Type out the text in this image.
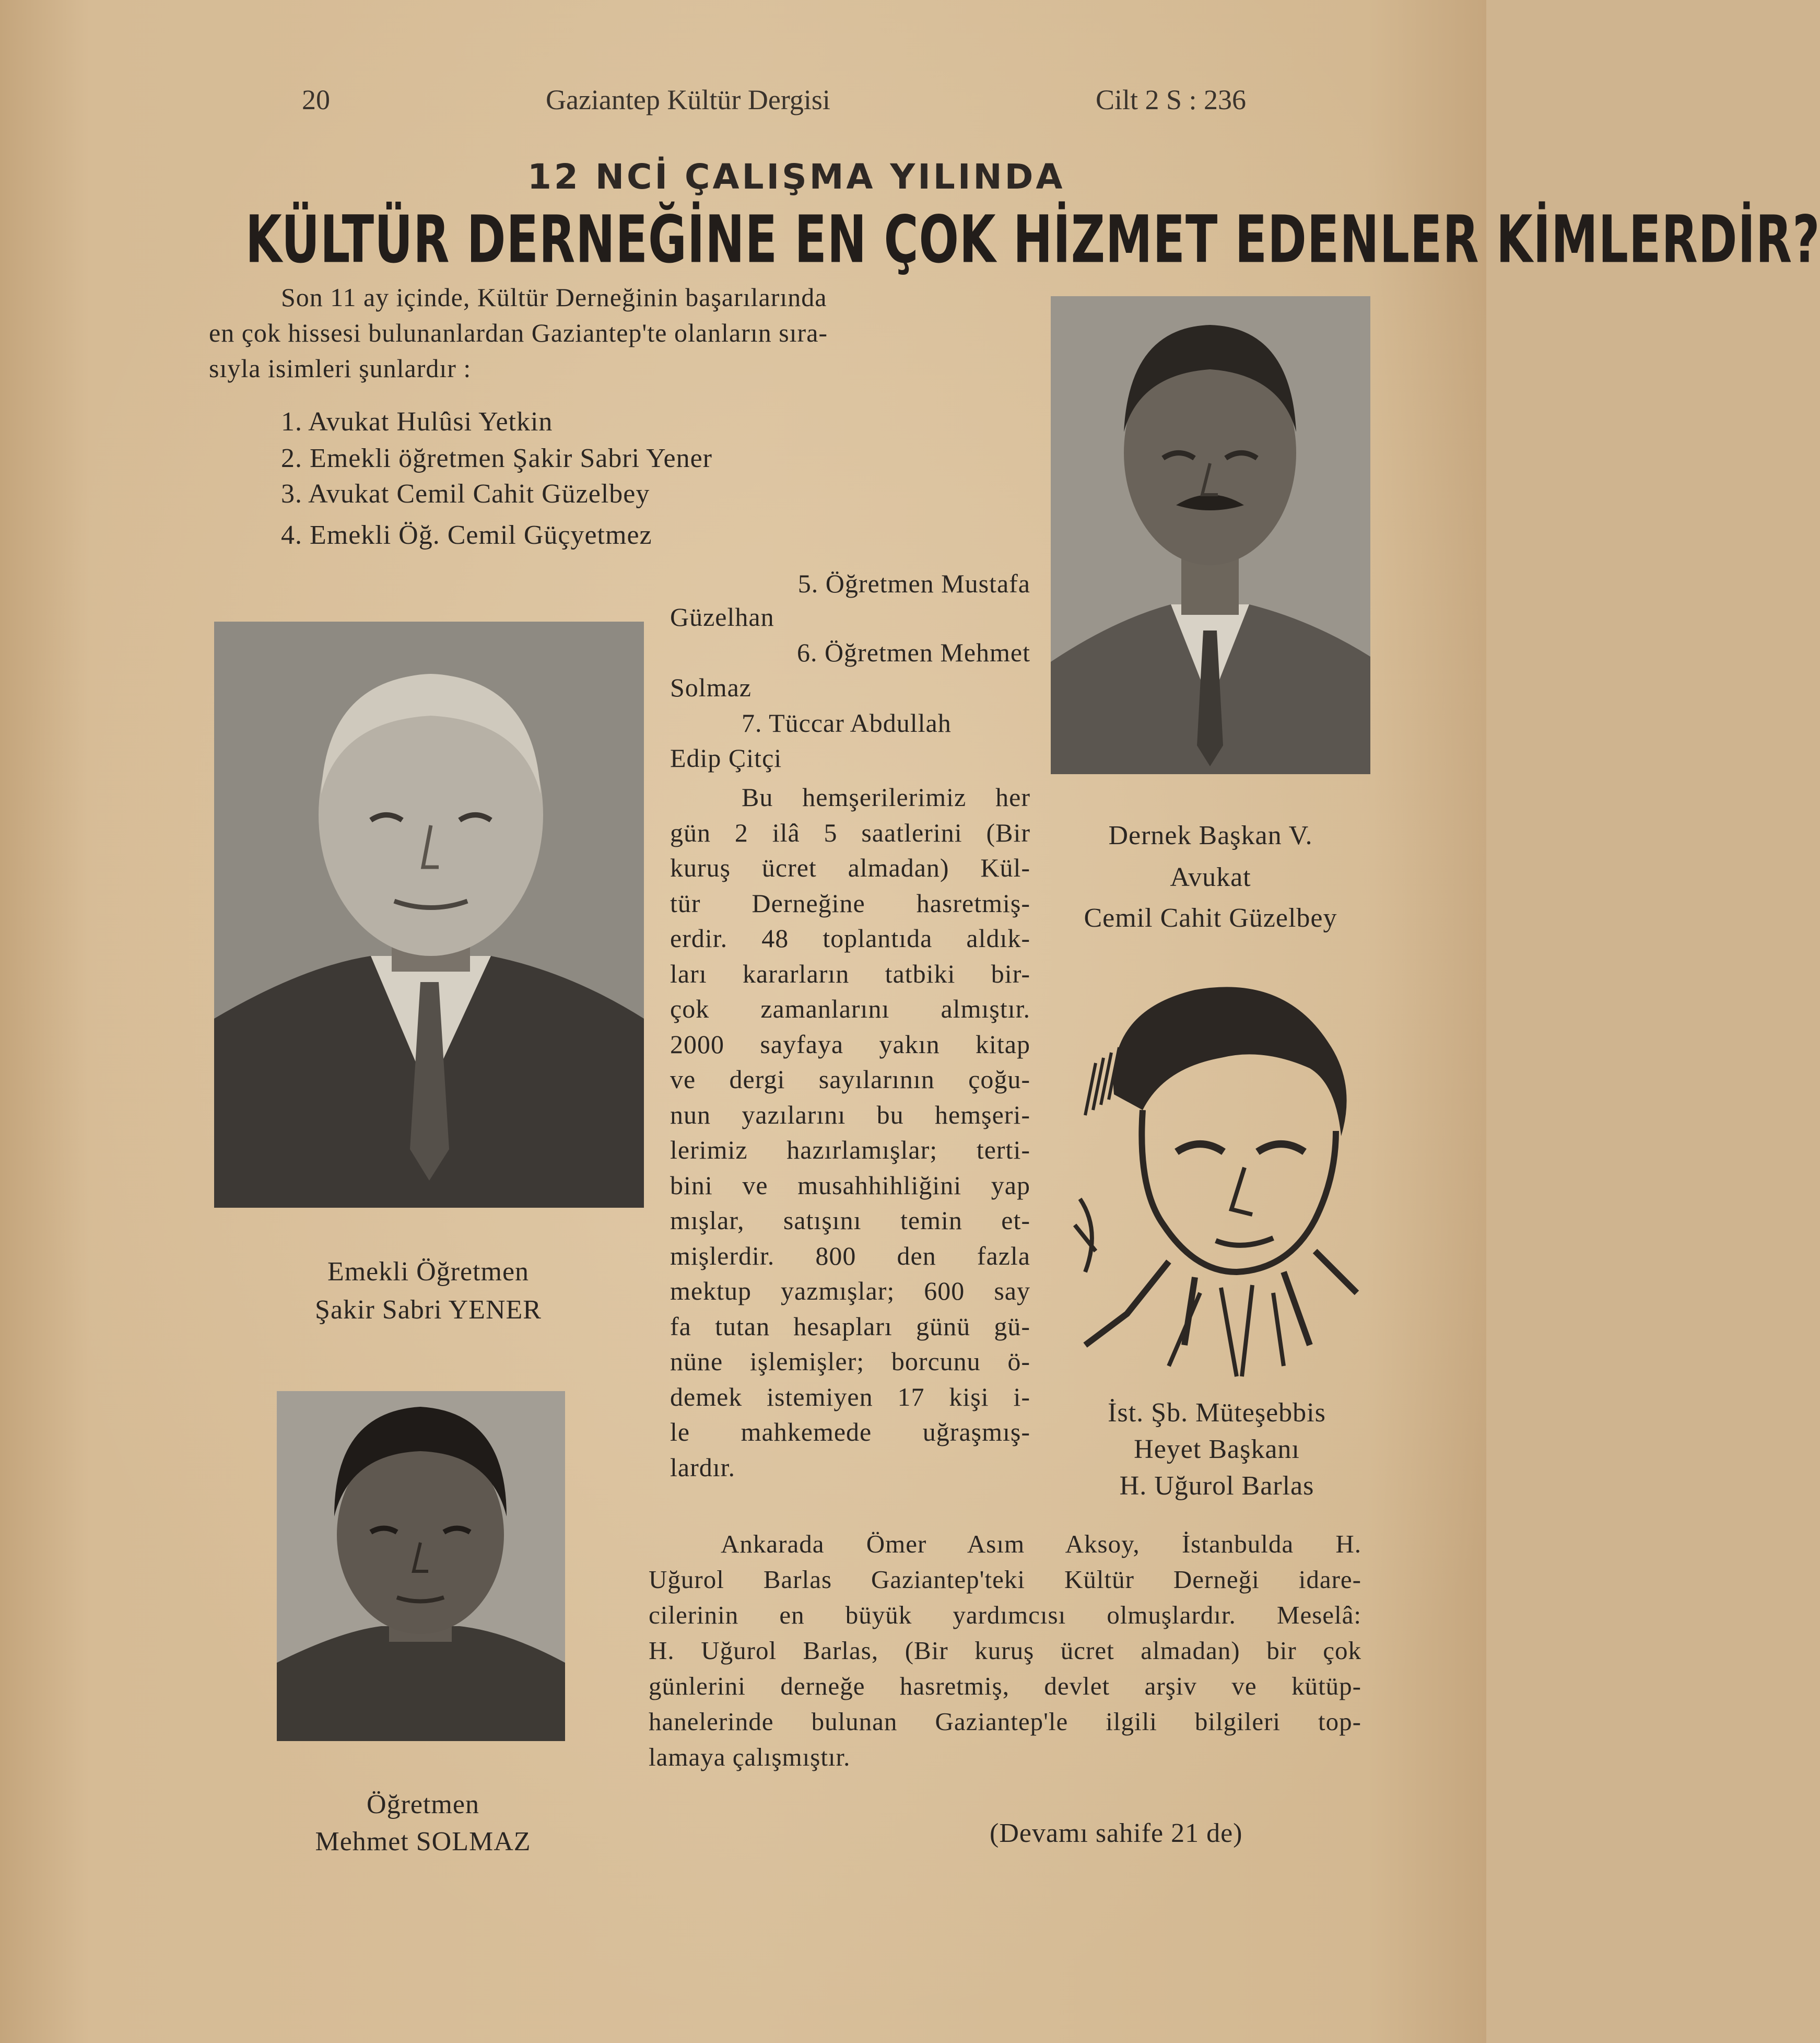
20	Gaziantep Kültür Dergisi	Cilt 2 S : 236
12 NCİ ÇALIŞMA YILINDA
KÜLTÜR DERNEĞİNE EN ÇOK HİZMET EDENLER KİMLERDİR?
Son 11 ay içinde, Kültür Derneğinin başarılarında
en çok hissesi bulunanlardan Gaziantep'te olanların sıra-
sıyla isimleri şunlardır :
1. Avukat Hulûsi Yetkin
2. Emekli öğretmen Şakir Sabri Yener
3. Avukat Cemil Cahit Güzelbey
4. Emekli Öğ. Cemil Güçyetmez
Dernek Başkan V.
Avukat
Cemil Cahit Güzelbey
Emekli Öğretmen
Şakir Sabri YENER
5. Öğretmen Mustafa
Güzelhan
6. Öğretmen Mehmet
Solmaz
7. Tüccar Abdullah
Edip Çitçi
Bu hemşerilerimiz her
gün 2 ilâ 5 saatlerini (Bir
kuruş ücret almadan) Kül-
tür Derneğine hasretmiş-
erdir. 48 toplantıda aldık-
ları kararların tatbiki bir-
çok zamanlarını almıştır.
2000 sayfaya yakın kitap
ve dergi sayılarının çoğu-
nun yazılarını bu hemşeri-
lerimiz hazırlamışlar; terti-
bini ve musahhihliğini yap
mışlar, satışını temin et-
mişlerdir. 800 den fazla
mektup yazmışlar; 600 say
fa tutan hesapları günü gü-
nüne işlemişler; borcunu ö-
demek istemiyen 17 kişi i-
le mahkemede uğraşmış-
lardır.
İst. Şb. Müteşebbis
Heyet Başkanı
H. Uğurol Barlas
Öğretmen
Mehmet SOLMAZ
Ankarada Ömer Asım Aksoy, İstanbulda H.
Uğurol Barlas Gaziantep'teki Kültür Derneği idare-
cilerinin en büyük yardımcısı olmuşlardır. Meselâ:
H. Uğurol Barlas, (Bir kuruş ücret almadan) bir çok
günlerini derneğe hasretmiş, devlet arşiv ve kütüp-
hanelerinde bulunan Gaziantep'le ilgili bilgileri top-
lamaya çalışmıştır.
(Devamı sahife 21 de)
